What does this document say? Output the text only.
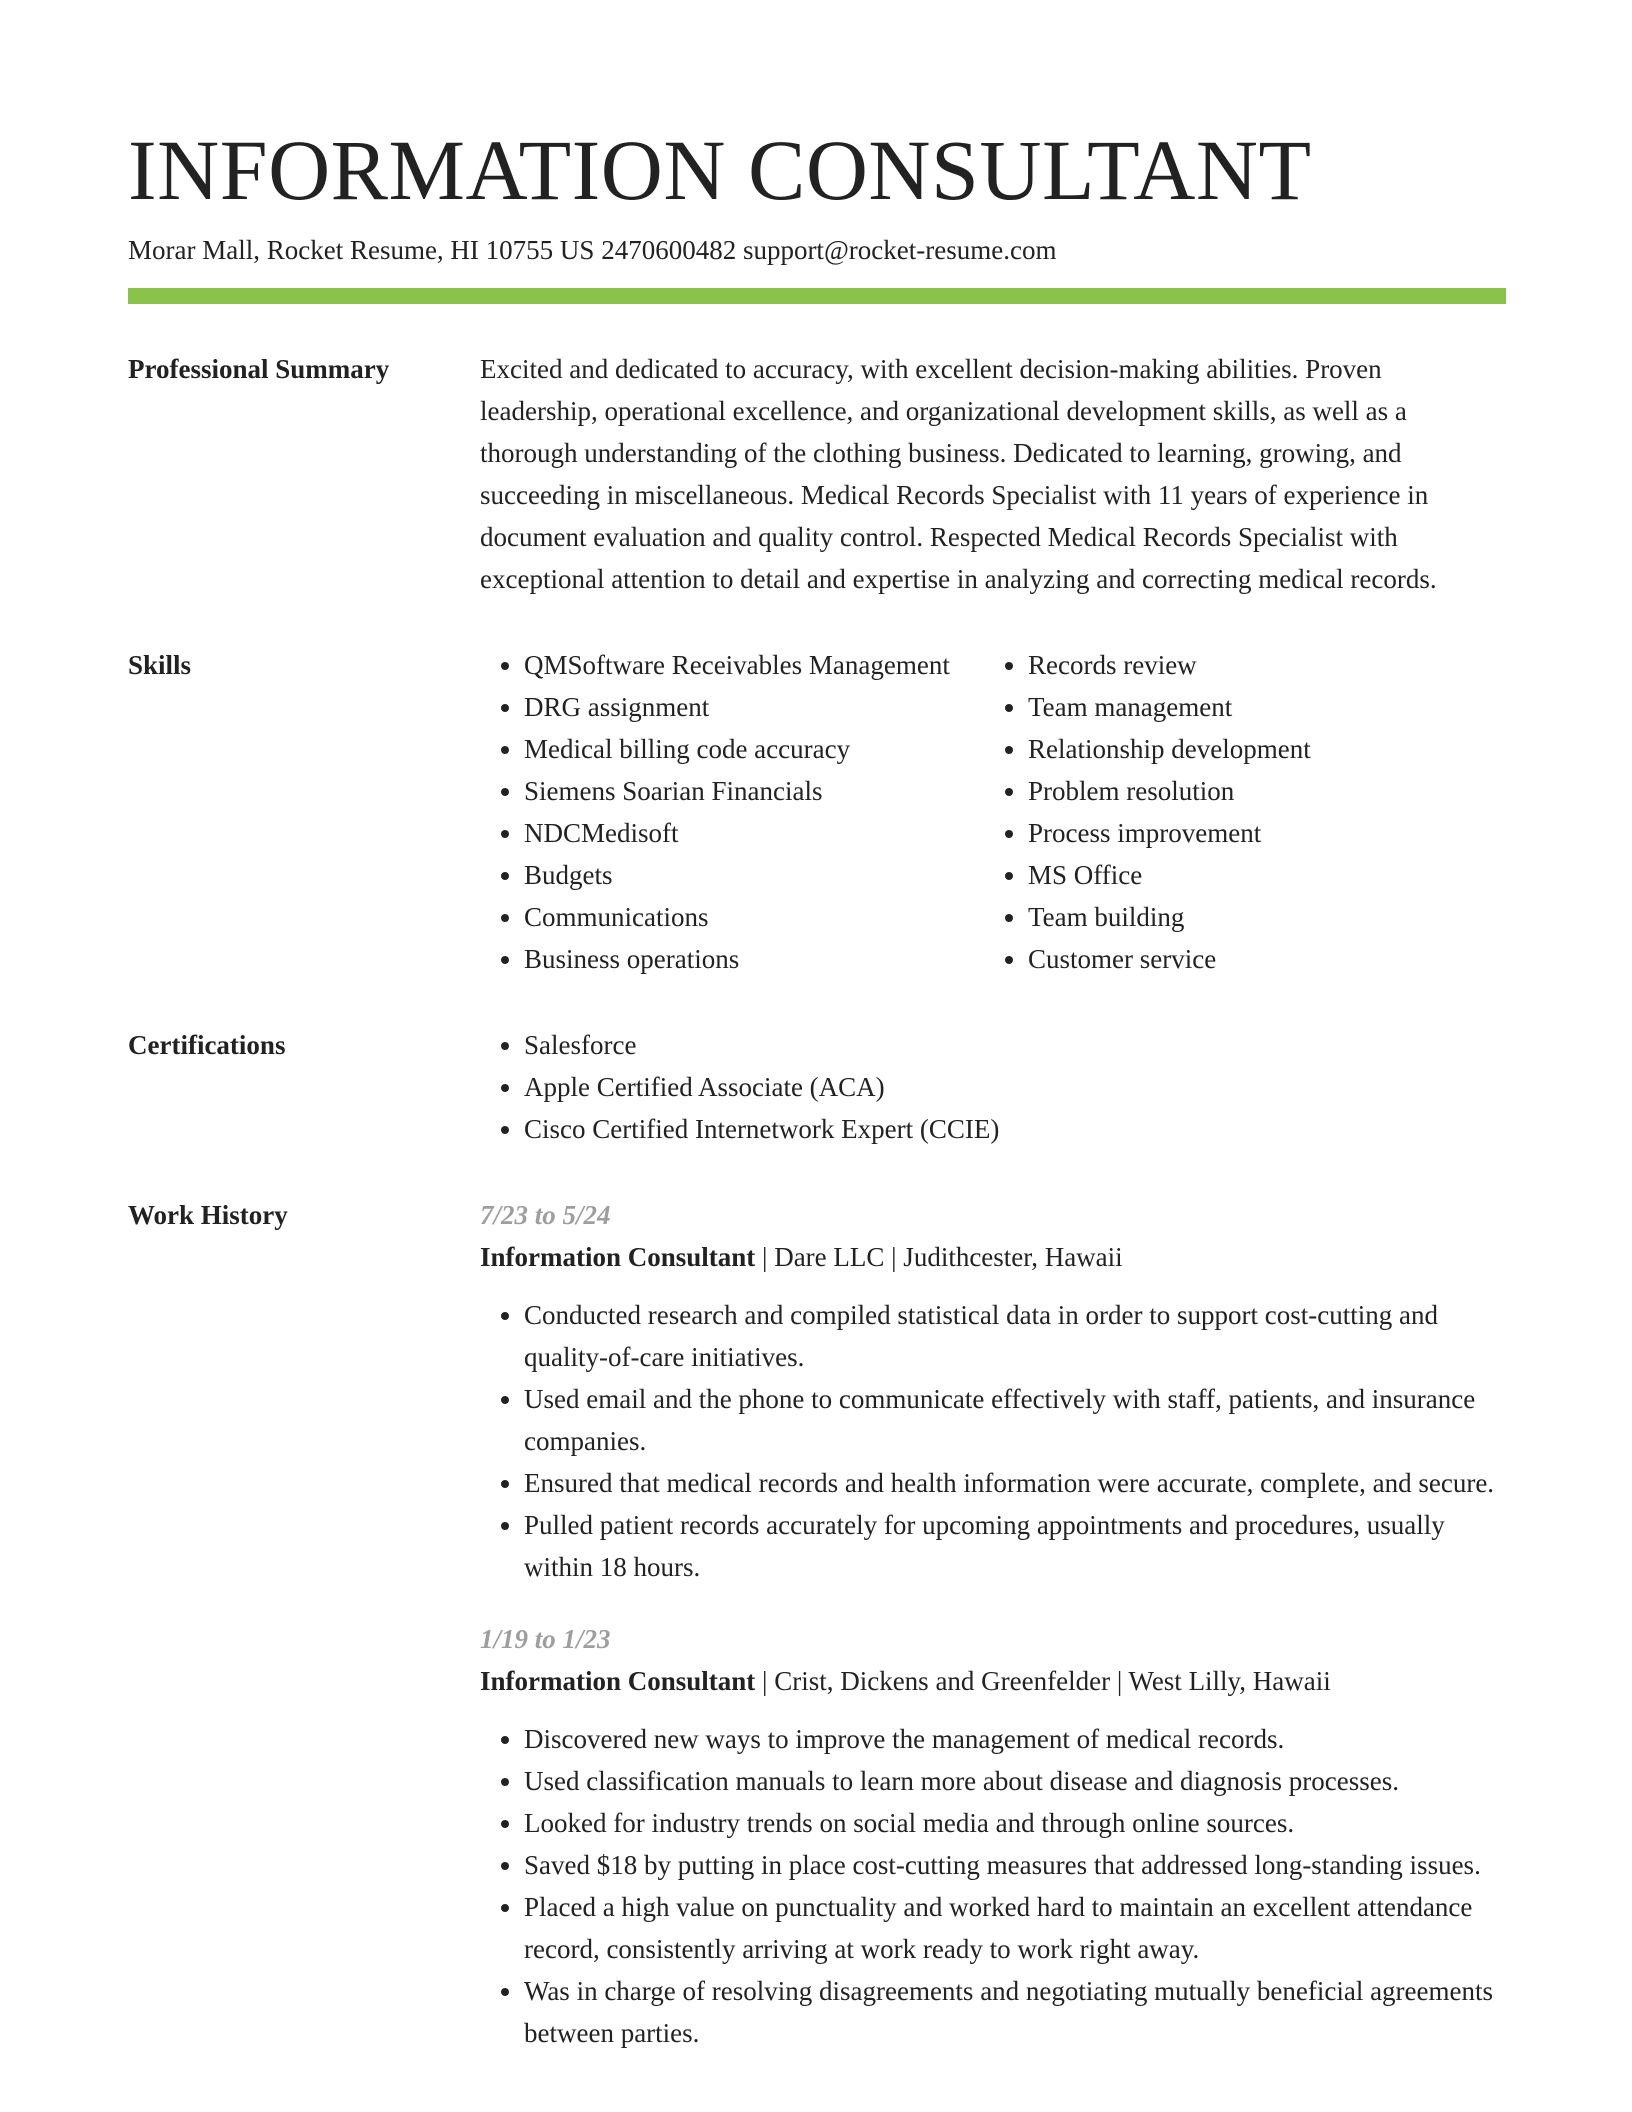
INFORMATION CONSULTANT
Morar Mall, Rocket Resume, HI 10755 US 2470600482 support@rocket-resume.com
Professional Summary	Excited and dedicated to accuracy, with excellent decision-making abilities. Proven leadership, operational excellence, and organizational development skills, as well as a thorough understanding of the clothing business. Dedicated to learning, growing, and succeeding in miscellaneous. Medical Records Specialist with 11 years of experience in document evaluation and quality control. Respected Medical Records Specialist with exceptional attention to detail and expertise in analyzing and correcting medical records.

Skills	• QMSoftware Receivables Management
• DRG assignment
• Medical billing code accuracy
• Siemens Soarian Financials
• NDCMedisoft
• Budgets
• Communications
• Business operations
• Records review
• Team management
• Relationship development
• Problem resolution
• Process improvement
• MS Office
• Team building
• Customer service
Certifications	• Salesforce
• Apple Certified Associate (ACA)
• Cisco Certified Internetwork Expert (CCIE)
Work History	7/23 to 5/24
Information Consultant | Dare LLC | Judithcester, Hawaii
• Conducted research and compiled statistical data in order to support cost-cutting and quality-of-care initiatives.
• Used email and the phone to communicate effectively with staff, patients, and insurance companies.
• Ensured that medical records and health information were accurate, complete, and secure.
• Pulled patient records accurately for upcoming appointments and procedures, usually within 18 hours.
1/19 to 1/23
Information Consultant | Crist, Dickens and Greenfelder | West Lilly, Hawaii
• Discovered new ways to improve the management of medical records.
• Used classification manuals to learn more about disease and diagnosis processes.
• Looked for industry trends on social media and through online sources.
• Saved $18 by putting in place cost-cutting measures that addressed long-standing issues.
• Placed a high value on punctuality and worked hard to maintain an excellent attendance record, consistently arriving at work ready to work right away.
• Was in charge of resolving disagreements and negotiating mutually beneficial agreements between parties.
